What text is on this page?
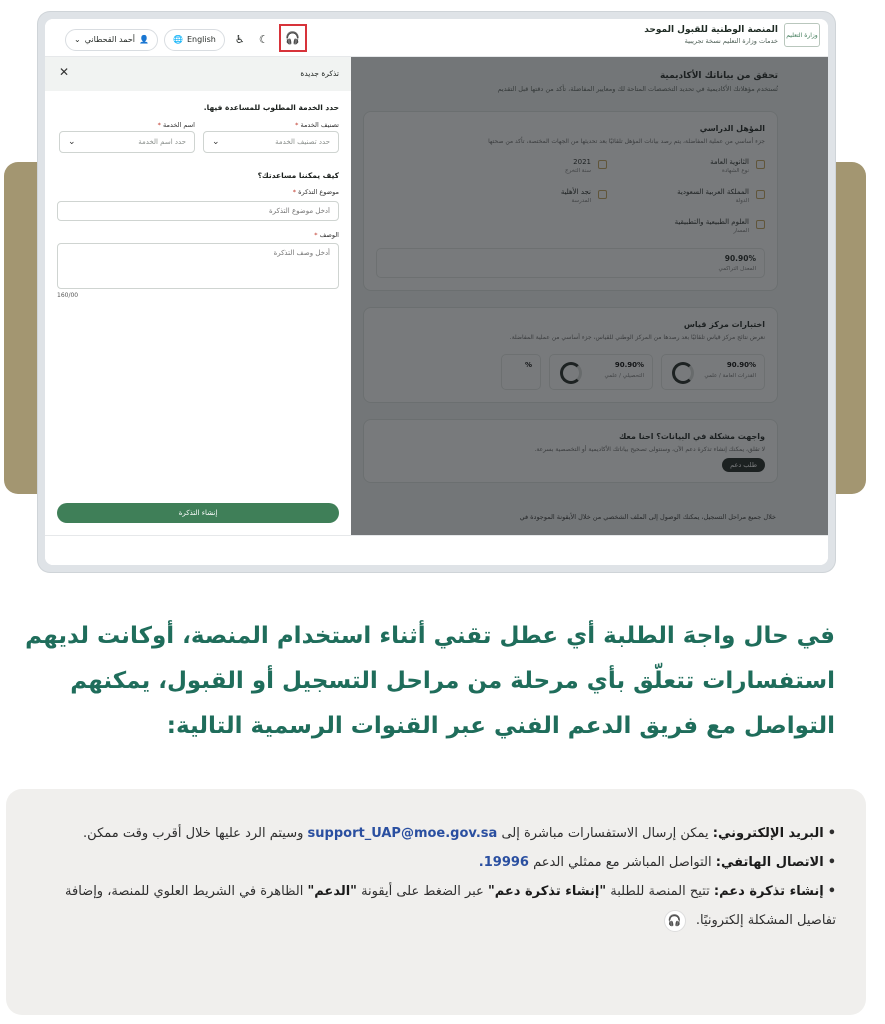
وزارة التعليم
المنصة الوطنية للقبول الموحد
خدمات وزارة التعليم نسخة تجريبية
⌄ أحمد القحطاني 👤	🌐 English ♿ ☾ 🎧
تذكرة جديدة
✕
حدد الخدمة المطلوب للمساعدة فيها.
تصنيف الخدمة *
اسم الخدمة *
حدد تصنيف الخدمة
⌄
حدد اسم الخدمة
⌄
كيف يمكننا مساعدتك؟
موضوع التذكرة *
أدخل موضوع التذكرة
الوصف *
أدخل وصف التذكرة
160/00
إنشاء التذكرة
في حال واجهَ الطلبة أي عطل تقني أثناء استخدام المنصة، أوكانت لديهم استفسارات تتعلّق بأي مرحلة من مراحل التسجيل أو القبول، يمكنهم التواصل مع فريق الدعم الفني عبر القنوات الرسمية التالية:

•البريد الإلكتروني: يمكن إرسال الاستفسارات مباشرة إلى support_UAP@moe.gov.sa وسيتم الرد عليها خلال أقرب وقت ممكن.

•الاتصال الهاتفي: التواصل المباشر مع ممثلي الدعم 19996.

•إنشاء تذكرة دعم: تتيح المنصة للطلبة "إنشاء تذكرة دعم" عبر الضغط على أيقونة "الدعم" الظاهرة في الشريط العلوي للمنصة، وإضافة تفاصيل المشكلة إلكترونيًا. 🎧
